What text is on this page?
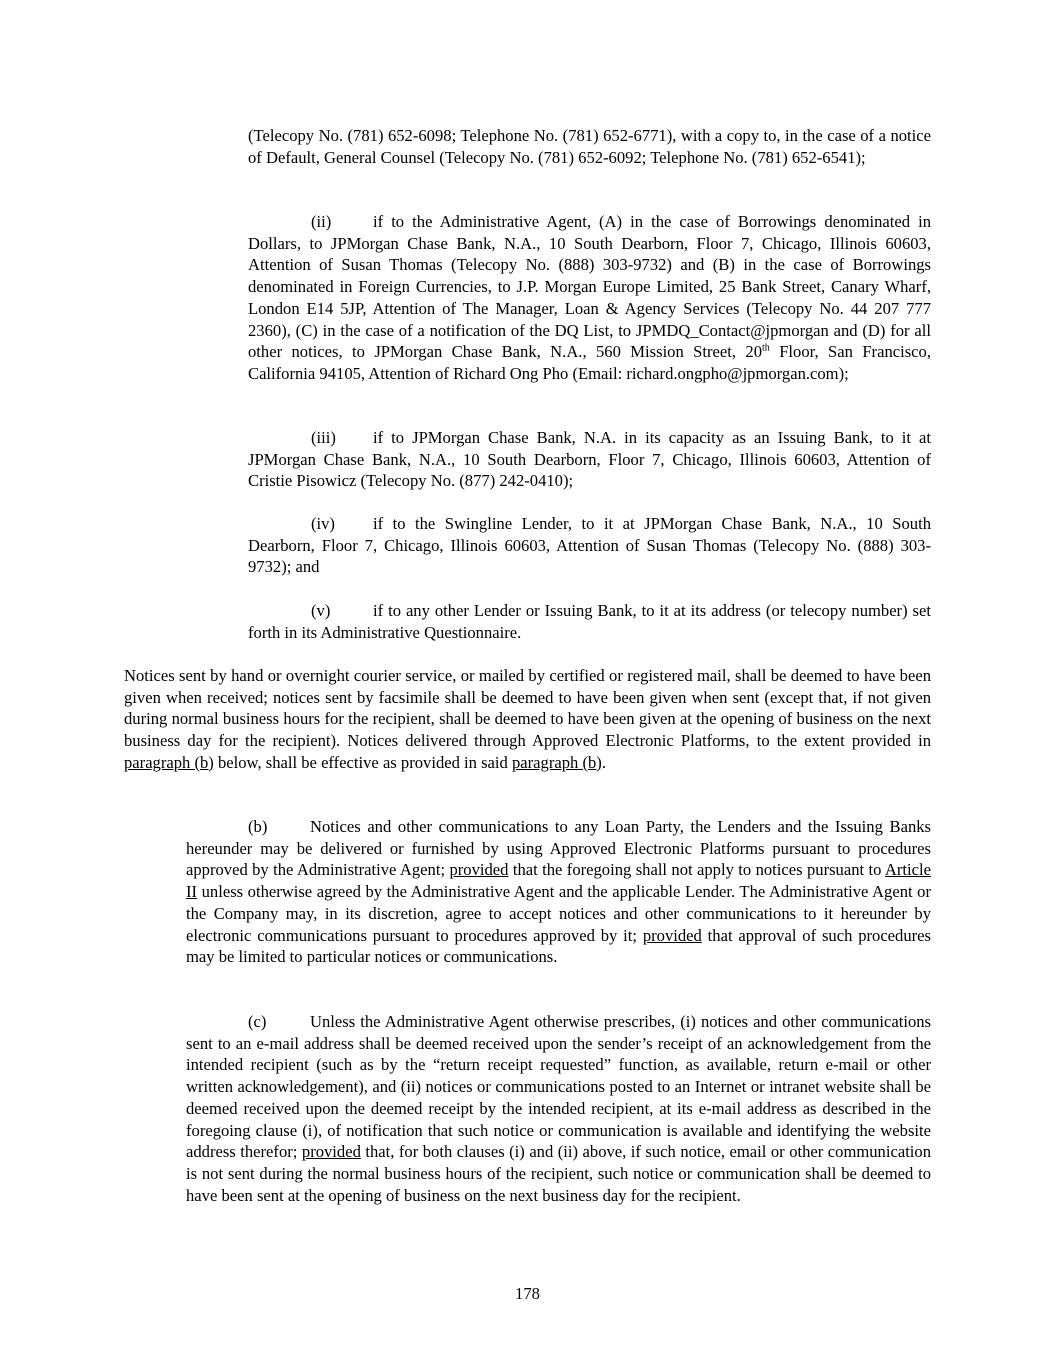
(Telecopy No. (781) 652-6098; Telephone No. (781) 652-6771), with a copy to, in the case of a notice of Default, General Counsel (Telecopy No. (781) 652-6092; Telephone No. (781) 652-6541);

(ii)	if to the Administrative Agent, (A) in the case of Borrowings denominated in Dollars, to JPMorgan Chase Bank, N.A., 10 South Dearborn, Floor 7, Chicago, Illinois 60603, Attention of Susan Thomas (Telecopy No. (888) 303-9732) and (B) in the case of Borrowings denominated in Foreign Currencies, to J.P. Morgan Europe Limited, 25 Bank Street, Canary Wharf, London E14 5JP, Attention of The Manager, Loan & Agency Services (Telecopy No. 44 207 777 2360), (C) in the case of a notification of the DQ List, to JPMDQ_Contact@jpmorgan and (D) for all other notices, to JPMorgan Chase Bank, N.A., 560 Mission Street, 20th Floor, San Francisco, California 94105, Attention of Richard Ong Pho (Email: richard.ongpho@jpmorgan.com);

(iii) if to JPMorgan Chase Bank, N.A. in its capacity as an Issuing Bank, to it at JPMorgan Chase Bank, N.A., 10 South Dearborn, Floor 7, Chicago, Illinois 60603, Attention of Cristie Pisowicz (Telecopy No. (877) 242-0410);

(iv) if to the Swingline Lender, to it at JPMorgan Chase Bank, N.A., 10 South Dearborn, Floor 7, Chicago, Illinois 60603, Attention of Susan Thomas (Telecopy No. (888) 303-9732); and

(v)	if to any other Lender or Issuing Bank, to it at its address (or telecopy number) set forth in its Administrative Questionnaire.

Notices sent by hand or overnight courier service, or mailed by certified or registered mail, shall be deemed to have been given when received; notices sent by facsimile shall be deemed to have been given when sent (except that, if not given during normal business hours for the recipient, shall be deemed to have been given at the opening of business on the next business day for the recipient). Notices delivered through Approved Electronic Platforms, to the extent provided in paragraph (b) below, shall be effective as provided in said paragraph (b).

(b)	Notices and other communications to any Loan Party, the Lenders and the Issuing Banks hereunder may be delivered or furnished by using Approved Electronic Platforms pursuant to procedures approved by the Administrative Agent; provided that the foregoing shall not apply to notices pursuant to Article II unless otherwise agreed by the Administrative Agent and the applicable Lender. The Administrative Agent or the Company may, in its discretion, agree to accept notices and other communications to it hereunder by electronic communications pursuant to procedures approved by it; provided that approval of such procedures may be limited to particular notices or communications.

(c)	Unless the Administrative Agent otherwise prescribes, (i) notices and other communications sent to an e-mail address shall be deemed received upon the sender’s receipt of an acknowledgement from the intended recipient (such as by the “return receipt requested” function, as available, return e-mail or other written acknowledgement), and (ii) notices or communications posted to an Internet or intranet website shall be deemed received upon the deemed receipt by the intended recipient, at its e-mail address as described in the foregoing clause (i), of notification that such notice or communication is available and identifying the website address therefor; provided that, for both clauses (i) and (ii) above, if such notice, email or other communication is not sent during the normal business hours of the recipient, such notice or communication shall be deemed to have been sent at the opening of business on the next business day for the recipient.

178
